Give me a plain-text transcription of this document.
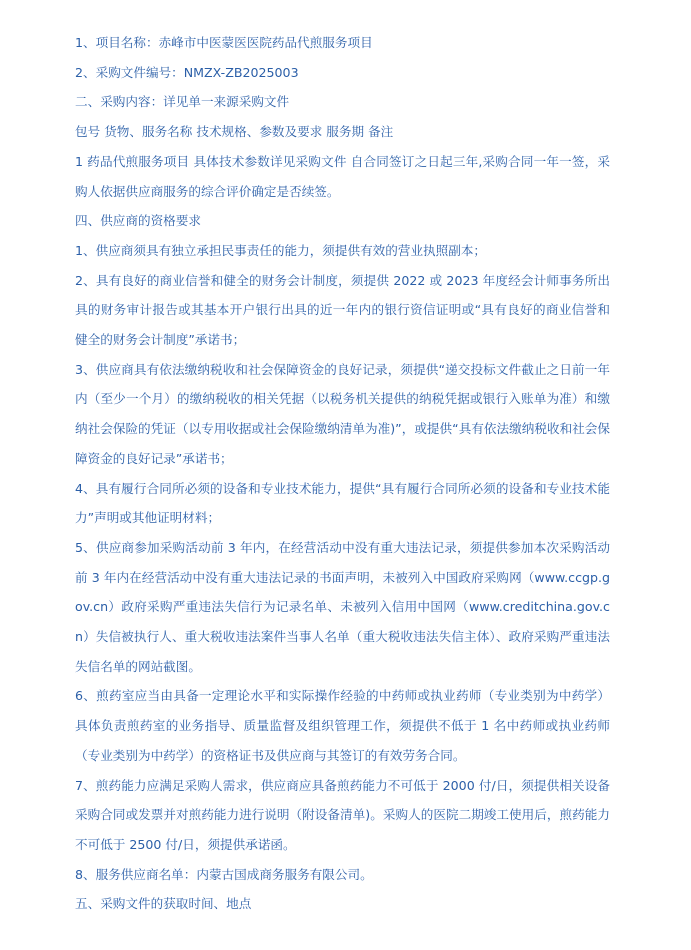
1、项目名称：赤峰市中医蒙医医院药品代煎服务项目

2、采购文件编号：NMZX-ZB2025003

二、采购内容：详见单一来源采购文件

包号 货物、服务名称 技术规格、参数及要求 服务期 备注

1 药品代煎服务项目 具体技术参数详见采购文件 自合同签订之日起三年,采购合同一年一签，采购人依据供应商服务的综合评价确定是否续签。

四、供应商的资格要求

1、供应商须具有独立承担民事责任的能力，须提供有效的营业执照副本；

2、具有良好的商业信誉和健全的财务会计制度，须提供 2022 或 2023 年度经会计师事务所出具的财务审计报告或其基本开户银行出具的近一年内的银行资信证明或“具有良好的商业信誉和健全的财务会计制度”承诺书；

3、供应商具有依法缴纳税收和社会保障资金的良好记录，须提供“递交投标文件截止之日前一年内（至少一个月）的缴纳税收的相关凭据（以税务机关提供的纳税凭据或银行入账单为准）和缴纳社会保险的凭证（以专用收据或社会保险缴纳清单为准)”，或提供“具有依法缴纳税收和社会保障资金的良好记录”承诺书；

4、具有履行合同所必须的设备和专业技术能力，提供“具有履行合同所必须的设备和专业技术能力”声明或其他证明材料；

5、供应商参加采购活动前 3 年内，在经营活动中没有重大违法记录，须提供参加本次采购活动前 3 年内在经营活动中没有重大违法记录的书面声明，未被列入中国政府采购网（www.ccgp.gov.cn）政府采购严重违法失信行为记录名单、未被列入信用中国网（www.creditchina.gov.cn）失信被执行人、重大税收违法案件当事人名单（重大税收违法失信主体）、政府采购严重违法失信名单的网站截图。

6、煎药室应当由具备一定理论水平和实际操作经验的中药师或执业药师（专业类别为中药学）具体负责煎药室的业务指导、质量监督及组织管理工作，须提供不低于 1 名中药师或执业药师（专业类别为中药学）的资格证书及供应商与其签订的有效劳务合同。

7、煎药能力应满足采购人需求，供应商应具备煎药能力不可低于 2000 付/日，须提供相关设备采购合同或发票并对煎药能力进行说明（附设备清单)。采购人的医院二期竣工使用后，煎药能力不可低于 2500 付/日，须提供承诺函。

8、服务供应商名单：内蒙古国成商务服务有限公司。

五、采购文件的获取时间、地点
